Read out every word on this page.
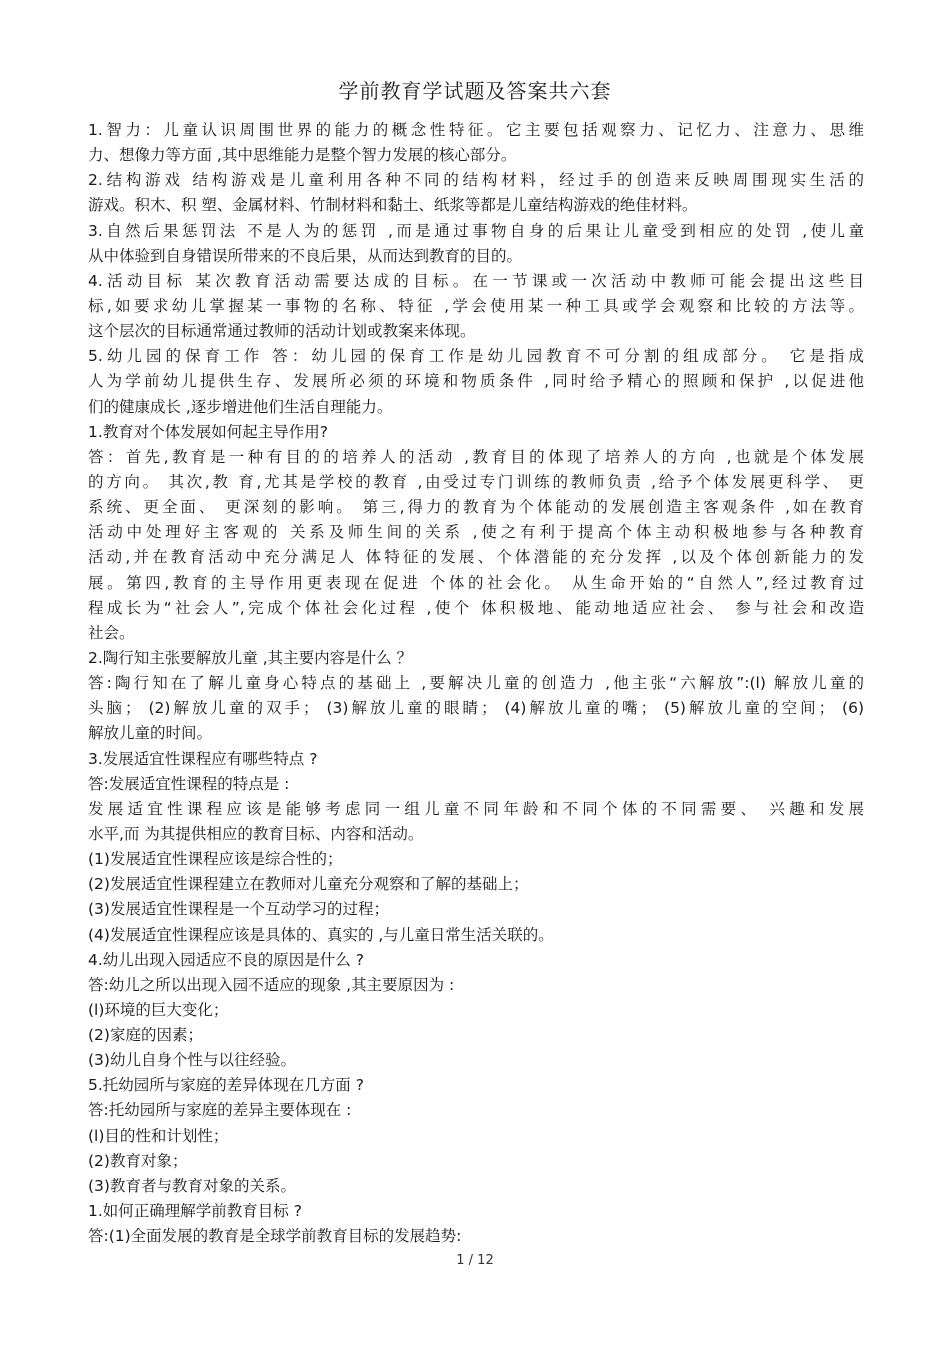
学前教育学试题及答案共六套
1.智力：儿童认识周围世界的能力的概念性特征。它主要包括观察力、记忆力、注意力、思维
力、想像力等方面 ,其中思维能力是整个智力发展的核心部分。
2.结构游戏 结构游戏是儿童利用各种不同的结构材料，经过手的创造来反映周围现实生活的
游戏。积木、积 塑、金属材料、竹制材料和黏土、纸浆等都是儿童结构游戏的绝佳材料。
3.自然后果惩罚法 不是人为的惩罚 ,而是通过事物自身的后果让儿童受到相应的处罚 ,使儿童
从中体验到自身错误所带来的不良后果，从而达到教育的目的。
4.活动目标 某次教育活动需要达成的目标。在一节课或一次活动中教师可能会提出这些目
标,如要求幼儿掌握某一事物的名称、特征 ,学会使用某一种工具或学会观察和比较的方法等。
这个层次的目标通常通过教师的活动计划或教案来体现。
5.幼儿园的保育工作 答：幼儿园的保育工作是幼儿园教育不可分割的组成部分。 它是指成
人为学前幼儿提供生存、发展所必须的环境和物质条件 ,同时给予精心的照顾和保护 ,以促进他
们的健康成长 ,逐步增进他们生活自理能力。
1.教育对个体发展如何起主导作用?
答：首先,教育是一种有目的的培养人的活动 ,教育目的体现了培养人的方向 ,也就是个体发展
的方向。 其次,教 育,尤其是学校的教育 ,由受过专门训练的教师负责 ,给予个体发展更科学、 更
系统、更全面、 更深刻的影响。 第三,得力的教育为个体能动的发展创造主客观条件 ,如在教育
活动中处理好主客观的 关系及师生间的关系 ,使之有利于提高个体主动积极地参与各种教育
活动,并在教育活动中充分满足人 体特征的发展、个体潜能的充分发挥 ,以及个体创新能力的发
展。第四,教育的主导作用更表现在促进 个体的社会化。 从生命开始的“自然人”,经过教育过
程成长为“社会人”,完成个体社会化过程 ,使个 体积极地、能动地适应社会、 参与社会和改造
社会。
2.陶行知主张要解放儿童 ,其主要内容是什么 ？
答:陶行知在了解儿童身心特点的基础上 ,要解决儿童的创造力 ,他主张“六解放”:(l) 解放儿童的
头脑； (2)解放儿童的双手； (3)解放儿童的眼睛； (4)解放儿童的嘴； (5)解放儿童的空间； (6)
解放儿童的时间。
3.发展适宜性课程应有哪些特点 ?
答:发展适宜性课程的特点是 :
发展适宜性课程应该是能够考虑同一组儿童不同年龄和不同个体的不同需要、 兴趣和发展
水平,而 为其提供相应的教育目标、内容和活动。
(1)发展适宜性课程应该是综合性的；
(2)发展适宜性课程建立在教师对儿童充分观察和了解的基础上；
(3)发展适宜性课程是一个互动学习的过程；
(4)发展适宜性课程应该是具体的、真实的 ,与儿童日常生活关联的。
4.幼儿出现入园适应不良的原因是什么 ?
答:幼儿之所以出现入园不适应的现象 ,其主要原因为 :
(l)环境的巨大变化；
(2)家庭的因素；
(3)幼儿自身个性与以往经验。
5.托幼园所与家庭的差异体现在几方面 ?
答:托幼园所与家庭的差异主要体现在 :
(l)目的性和计划性；
(2)教育对象；
(3)教育者与教育对象的关系。
1.如何正确理解学前教育目标 ?
答:(1)全面发展的教育是全球学前教育目标的发展趋势:
1 / 12
